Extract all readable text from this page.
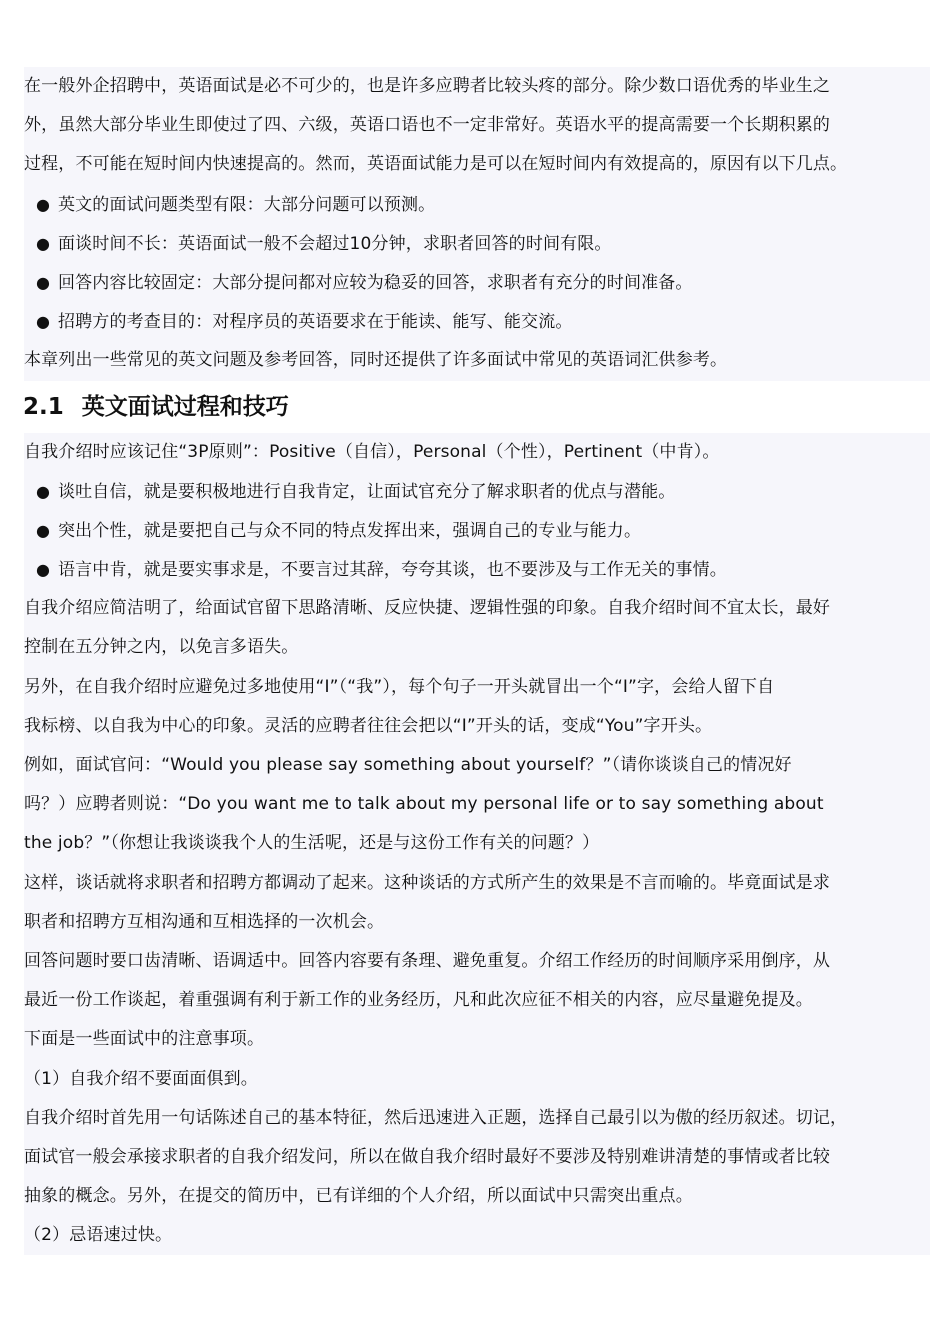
在一般外企招聘中，英语面试是必不可少的，也是许多应聘者比较头疼的部分。除少数口语优秀的毕业生之
外，虽然大部分毕业生即使过了四、六级，英语口语也不一定非常好。英语水平的提高需要一个长期积累的
过程，不可能在短时间内快速提高的。然而，英语面试能力是可以在短时间内有效提高的，原因有以下几点。
● 英文的面试问题类型有限：大部分问题可以预测。
● 面谈时间不长：英语面试一般不会超过10分钟，求职者回答的时间有限。
● 回答内容比较固定：大部分提问都对应较为稳妥的回答，求职者有充分的时间准备。
● 招聘方的考查目的：对程序员的英语要求在于能读、能写、能交流。
本章列出一些常见的英文问题及参考回答，同时还提供了许多面试中常见的英语词汇供参考。
2.1 英文面试过程和技巧
自我介绍时应该记住“3P原则”：Positive（自信），Personal（个性），Pertinent（中肯）。
● 谈吐自信，就是要积极地进行自我肯定，让面试官充分了解求职者的优点与潜能。
● 突出个性，就是要把自己与众不同的特点发挥出来，强调自己的专业与能力。
● 语言中肯，就是要实事求是，不要言过其辞，夸夸其谈，也不要涉及与工作无关的事情。
自我介绍应简洁明了，给面试官留下思路清晰、反应快捷、逻辑性强的印象。自我介绍时间不宜太长，最好
控制在五分钟之内，以免言多语失。
另外，在自我介绍时应避免过多地使用“I”（“我”），每个句子一开头就冒出一个“I”字，会给人留下自
我标榜、以自我为中心的印象。灵活的应聘者往往会把以“I”开头的话，变成“You”字开头。
例如，面试官问：“Would you please say something about yourself？”（请你谈谈自己的情况好
吗？）应聘者则说：“Do you want me to talk about my personal life or to say something about
the job？”（你想让我谈谈我个人的生活呢，还是与这份工作有关的问题？）
这样，谈话就将求职者和招聘方都调动了起来。这种谈话的方式所产生的效果是不言而喻的。毕竟面试是求
职者和招聘方互相沟通和互相选择的一次机会。
回答问题时要口齿清晰、语调适中。回答内容要有条理、避免重复。介绍工作经历的时间顺序采用倒序，从
最近一份工作谈起，着重强调有利于新工作的业务经历，凡和此次应征不相关的内容，应尽量避免提及。
下面是一些面试中的注意事项。
（1）自我介绍不要面面俱到。
自我介绍时首先用一句话陈述自己的基本特征，然后迅速进入正题，选择自己最引以为傲的经历叙述。切记，
面试官一般会承接求职者的自我介绍发问，所以在做自我介绍时最好不要涉及特别难讲清楚的事情或者比较
抽象的概念。另外，在提交的简历中，已有详细的个人介绍，所以面试中只需突出重点。
（2）忌语速过快。
